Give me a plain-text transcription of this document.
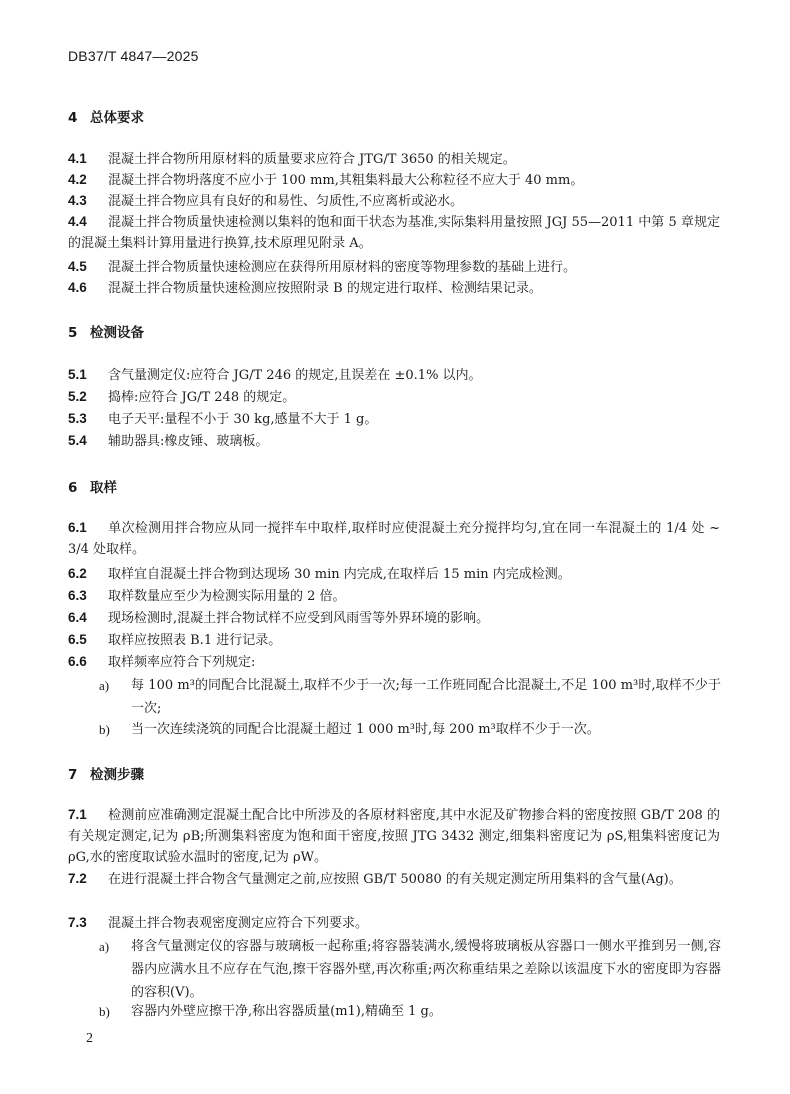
DB37/T 4847—2025
4 总体要求
4.1 混凝土拌合物所用原材料的质量要求应符合 JTG/T 3650 的相关规定。
4.2 混凝土拌合物坍落度不应小于 100 mm,其粗集料最大公称粒径不应大于 40 mm。
4.3 混凝土拌合物应具有良好的和易性、匀质性,不应离析或泌水。
4.4 混凝土拌合物质量快速检测以集料的饱和面干状态为基准,实际集料用量按照 JGJ 55—2011 中第 5 章规定的混凝土集料计算用量进行换算,技术原理见附录 A。
4.5 混凝土拌合物质量快速检测应在获得所用原材料的密度等物理参数的基础上进行。
4.6 混凝土拌合物质量快速检测应按照附录 B 的规定进行取样、检测结果记录。
5 检测设备
5.1 含气量测定仪:应符合 JG/T 246 的规定,且误差在 ±0.1% 以内。
5.2 捣棒:应符合 JG/T 248 的规定。
5.3 电子天平:量程不小于 30 kg,感量不大于 1 g。
5.4 辅助器具:橡皮锤、玻璃板。
6 取样
6.1 单次检测用拌合物应从同一搅拌车中取样,取样时应使混凝土充分搅拌均匀,宜在同一车混凝土的 1/4 处 ~ 3/4 处取样。
6.2 取样宜自混凝土拌合物到达现场 30 min 内完成,在取样后 15 min 内完成检测。
6.3 取样数量应至少为检测实际用量的 2 倍。
6.4 现场检测时,混凝土拌合物试样不应受到风雨雪等外界环境的影响。
6.5 取样应按照表 B.1 进行记录。
6.6 取样频率应符合下列规定:
a) 每 100 m³的同配合比混凝土,取样不少于一次;每一工作班同配合比混凝土,不足 100 m³时,取样不少于一次;
b) 当一次连续浇筑的同配合比混凝土超过 1 000 m³时,每 200 m³取样不少于一次。
7 检测步骤
7.1 检测前应准确测定混凝土配合比中所涉及的各原材料密度,其中水泥及矿物掺合料的密度按照 GB/T 208 的有关规定测定,记为 ρB;所测集料密度为饱和面干密度,按照 JTG 3432 测定,细集料密度记为 ρS,粗集料密度记为 ρG,水的密度取试验水温时的密度,记为 ρW。
7.2 在进行混凝土拌合物含气量测定之前,应按照 GB/T 50080 的有关规定测定所用集料的含气量(Ag)。
7.3 混凝土拌合物表观密度测定应符合下列要求。
a) 将含气量测定仪的容器与玻璃板一起称重;将容器装满水,缓慢将玻璃板从容器口一侧水平推到另一侧,容器内应满水且不应存在气泡,擦干容器外壁,再次称重;两次称重结果之差除以该温度下水的密度即为容器的容积(V)。
b) 容器内外壁应擦干净,称出容器质量(m1),精确至 1 g。
2
